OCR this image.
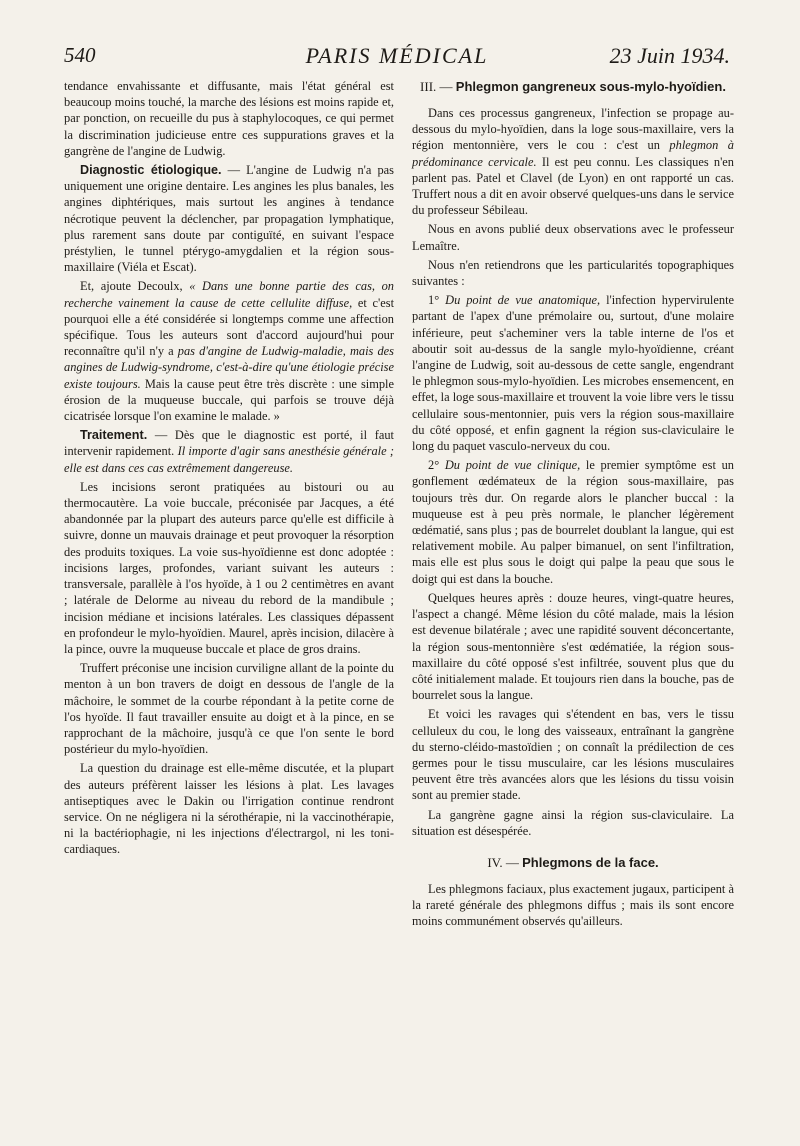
540	PARIS MÉDICAL	23 Juin 1934.

tendance envahissante et diffusante, mais l'état général est beaucoup moins touché, la marche des lésions est moins rapide et, par ponction, on recueille du pus à staphylocoques, ce qui permet la discrimination judicieuse entre ces suppurations graves et la gangrène de l'angine de Ludwig.

Diagnostic étiologique. — L'angine de Ludwig n'a pas uniquement une origine dentaire. Les angines les plus banales, les angines diphtériques, mais surtout les angines à tendance nécrotique peuvent la déclencher, par propagation lymphatique, plus rarement sans doute par contiguïté, en suivant l'espace préstylien, le tunnel ptérygo-amygdalien et la région sous-maxillaire (Viéla et Escat).

Et, ajoute Decoulx, « Dans une bonne partie des cas, on recherche vainement la cause de cette cellulite diffuse, et c'est pourquoi elle a été considérée si longtemps comme une affection spécifique. Tous les auteurs sont d'accord aujourd'hui pour reconnaître qu'il n'y a pas d'angine de Ludwig-maladie, mais des angines de Ludwig-syndrome, c'est-à-dire qu'une étiologie précise existe toujours. Mais la cause peut être très discrète : une simple érosion de la muqueuse buccale, qui parfois se trouve déjà cicatrisée lorsque l'on examine le malade. »

Traitement. — Dès que le diagnostic est porté, il faut intervenir rapidement. Il importe d'agir sans anesthésie générale ; elle est dans ces cas extrêmement dangereuse.

Les incisions seront pratiquées au bistouri ou au thermocautère. La voie buccale, préconisée par Jacques, a été abandonnée par la plupart des auteurs parce qu'elle est difficile à suivre, donne un mauvais drainage et peut provoquer la résorption des produits toxiques. La voie sus-hyoïdienne est donc adoptée : incisions larges, profondes, variant suivant les auteurs : transversale, parallèle à l'os hyoïde, à 1 ou 2 centimètres en avant ; latérale de Delorme au niveau du rebord de la mandibule ; incision médiane et incisions latérales. Les classiques dépassent en profondeur le mylo-hyoïdien. Maurel, après incision, dilacère à la pince, ouvre la muqueuse buccale et place de gros drains.

Truffert préconise une incision curviligne allant de la pointe du menton à un bon travers de doigt en dessous de l'angle de la mâchoire, le sommet de la courbe répondant à la petite corne de l'os hyoïde. Il faut travailler ensuite au doigt et à la pince, en se rapprochant de la mâchoire, jusqu'à ce que l'on sente le bord postérieur du mylo-hyoïdien.

La question du drainage est elle-même discutée, et la plupart des auteurs préfèrent laisser les lésions à plat. Les lavages antiseptiques avec le Dakin ou l'irrigation continue rendront service. On ne négligera ni la sérothérapie, ni la vaccinothérapie, ni la bactériophagie, ni les injections d'électrargol, ni les toni-cardiaques.

III. — Phlegmon gangreneux sous-mylo-hyoïdien.

Dans ces processus gangreneux, l'infection se propage au-dessous du mylo-hyoïdien, dans la loge sous-maxillaire, vers la région mentonnière, vers le cou : c'est un phlegmon à prédominance cervicale. Il est peu connu. Les classiques n'en parlent pas. Patel et Clavel (de Lyon) en ont rapporté un cas. Truffert nous a dit en avoir observé quelques-uns dans le service du professeur Sébileau.

Nous en avons publié deux observations avec le professeur Lemaître.

Nous n'en retiendrons que les particularités topographiques suivantes :

1° Du point de vue anatomique, l'infection hypervirulente partant de l'apex d'une prémolaire ou, surtout, d'une molaire inférieure, peut s'acheminer vers la table interne de l'os et aboutir soit au-dessus de la sangle mylo-hyoïdienne, créant l'angine de Ludwig, soit au-dessous de cette sangle, engendrant le phlegmon sous-mylo-hyoïdien. Les microbes ensemencent, en effet, la loge sous-maxillaire et trouvent la voie libre vers le tissu cellulaire sous-mentonnier, puis vers la région sous-maxillaire du côté opposé, et enfin gagnent la région sus-claviculaire le long du paquet vasculo-nerveux du cou.

2° Du point de vue clinique, le premier symptôme est un gonflement œdémateux de la région sous-maxillaire, pas toujours très dur. On regarde alors le plancher buccal : la muqueuse est à peu près normale, le plancher légèrement œdématié, sans plus ; pas de bourrelet doublant la langue, qui est relativement mobile. Au palper bimanuel, on sent l'infiltration, mais elle est plus sous le doigt qui palpe la peau que sous le doigt qui est dans la bouche.

Quelques heures après : douze heures, vingt-quatre heures, l'aspect a changé. Même lésion du côté malade, mais la lésion est devenue bilatérale ; avec une rapidité souvent déconcertante, la région sous-mentonnière s'est œdématiée, la région sous-maxillaire du côté opposé s'est infiltrée, souvent plus que du côté initialement malade. Et toujours rien dans la bouche, pas de bourrelet sous la langue.

Et voici les ravages qui s'étendent en bas, vers le tissu celluleux du cou, le long des vaisseaux, entraînant la gangrène du sterno-cléido-mastoïdien ; on connaît la prédilection de ces germes pour le tissu musculaire, car les lésions musculaires peuvent être très avancées alors que les lésions du tissu voisin sont au premier stade.

La gangrène gagne ainsi la région sus-claviculaire. La situation est désespérée.

IV. — Phlegmons de la face.

Les phlegmons faciaux, plus exactement jugaux, participent à la rareté générale des phlegmons diffus ; mais ils sont encore moins communément observés qu'ailleurs.
